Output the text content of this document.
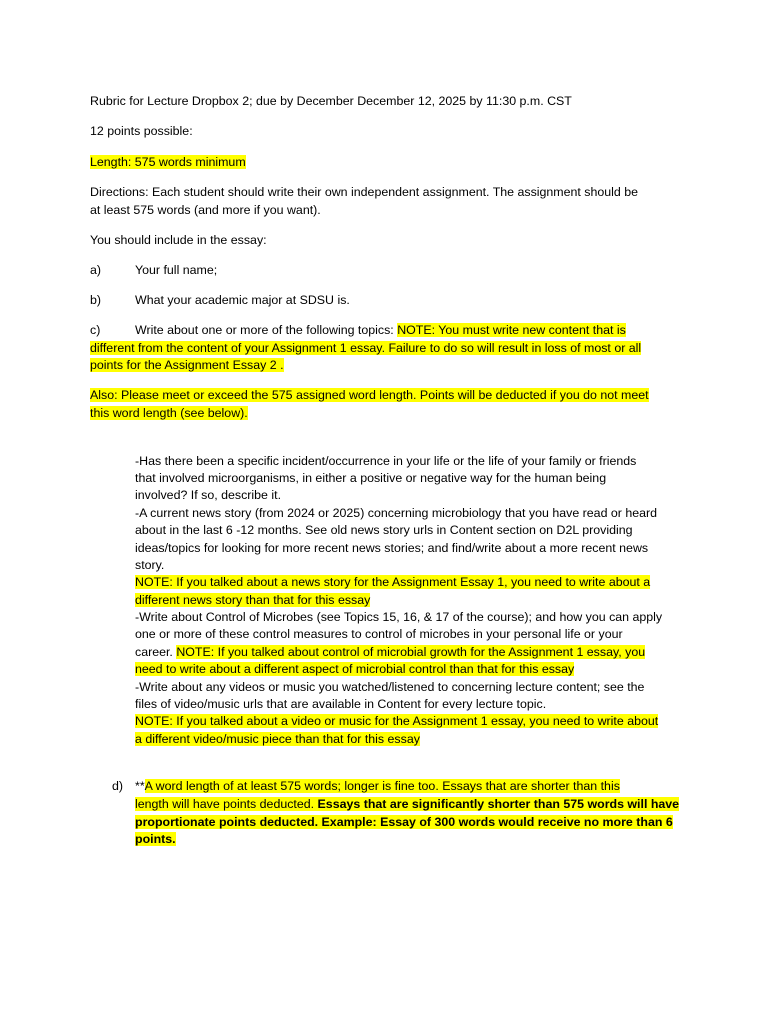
Rubric for Lecture Dropbox 2; due by December December 12, 2025 by 11:30 p.m. CST
12 points possible:
Length: 575 words minimum
Directions: Each student should write their own independent assignment. The assignment should be
at least 575 words (and more if you want).
You should include in the essay:
a)	Your full name;
b)	What your academic major at SDSU is.
c)	Write about one or more of the following topics: NOTE: You must write new content that is
different from the content of your Assignment 1 essay. Failure to do so will result in loss of most or all
points for the Assignment Essay 2 .
Also: Please meet or exceed the 575 assigned word length. Points will be deducted if you do not meet
this word length (see below).
-Has there been a specific incident/occurrence in your life or the life of your family or friends
that involved microorganisms, in either a positive or negative way for the human being
involved? If so, describe it.
-A current news story (from 2024 or 2025) concerning microbiology that you have read or heard
about in the last 6 -12 months. See old news story urls in Content section on D2L providing
ideas/topics for looking for more recent news stories; and find/write about a more recent news
story.
NOTE: If you talked about a news story for the Assignment Essay 1, you need to write about a
different news story than that for this essay
-Write about Control of Microbes (see Topics 15, 16, & 17 of the course); and how you can apply
one or more of these control measures to control of microbes in your personal life or your
career. NOTE: If you talked about control of microbial growth for the Assignment 1 essay, you
need to write about a different aspect of microbial control than that for this essay
-Write about any videos or music you watched/listened to concerning lecture content; see the
files of video/music urls that are available in Content for every lecture topic.
NOTE: If you talked about a video or music for the Assignment 1 essay, you need to write about
a different video/music piece than that for this essay
d) **A word length of at least 575 words; longer is fine too. Essays that are shorter than this
length will have points deducted. Essays that are significantly shorter than 575 words will have
proportionate points deducted. Example: Essay of 300 words would receive no more than 6
points.
